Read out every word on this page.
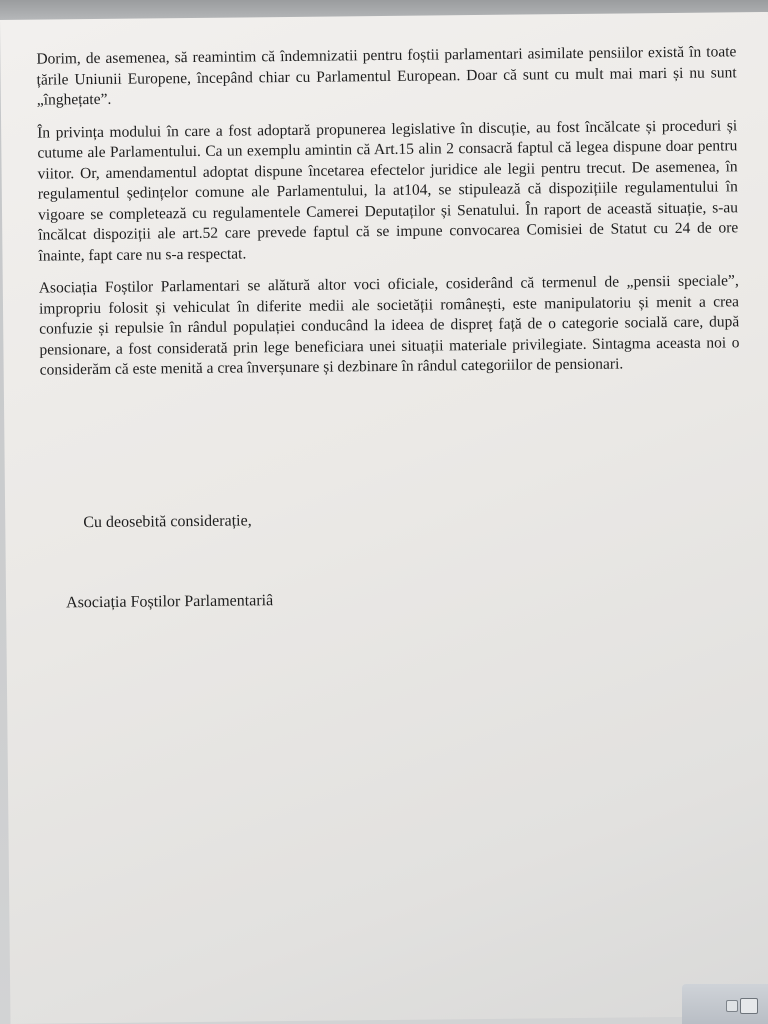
Dorim, de asemenea, să reamintim că îndemnizatii pentru foștii parlamentari asimilate pensiilor există în toate țările Uniunii Europene, începând chiar cu Parlamentul European. Doar că sunt cu mult mai mari și nu sunt „înghețate”.

În privința modului în care a fost adoptară propunerea legislative în discuție, au fost încălcate și proceduri și cutume ale Parlamentului. Ca un exemplu amintin că Art.15 alin 2 consacră faptul că legea dispune doar pentru viitor. Or, amendamentul adoptat dispune încetarea efectelor juridice ale legii pentru trecut. De asemenea, în regulamentul ședințelor comune ale Parlamentului, la at104, se stipulează că dispozițiile regulamentului în vigoare se completează cu regulamentele Camerei Deputaților și Senatului. În raport de această situație, s-au încălcat dispoziții ale art.52 care prevede faptul că se impune convocarea Comisiei de Statut cu 24 de ore înainte, fapt care nu s-a respectat.

Asociația Foștilor Parlamentari se alătură altor voci oficiale, cosiderând că termenul de „pensii speciale”, impropriu folosit și vehiculat în diferite medii ale societății românești, este manipulatoriu și menit a crea confuzie și repulsie în rândul populației conducând la ideea de dispreț față de o categorie socială care, după pensionare, a fost considerată prin lege beneficiara unei situații materiale privilegiate. Sintagma aceasta noi o considerăm că este menită a crea înverșunare și dezbinare în rândul categoriilor de pensionari.

Cu deosebită considerație,
Asociația Foștilor Parlamentariâ
